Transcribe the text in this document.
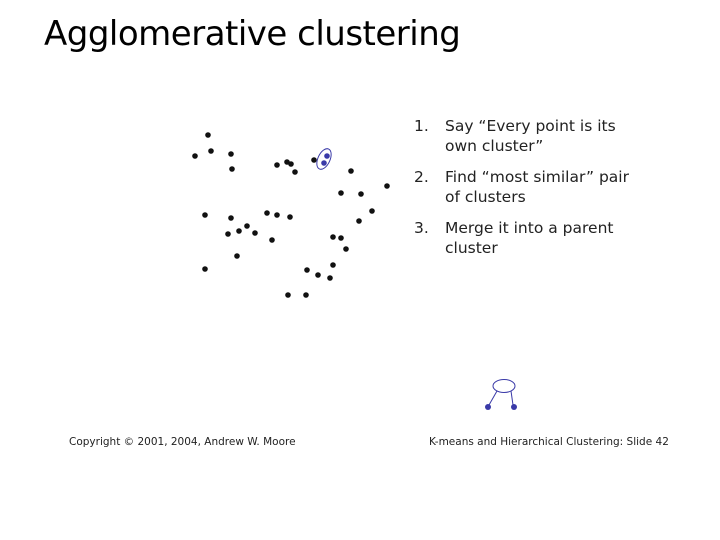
Agglomerative clustering
1. Say “Every point is its
own cluster”
2. Find “most similar” pair
of clusters
3. Merge it into a parent
cluster
Copyright © 2001, 2004, Andrew W. Moore	K-means and Hierarchical Clustering: Slide 42
